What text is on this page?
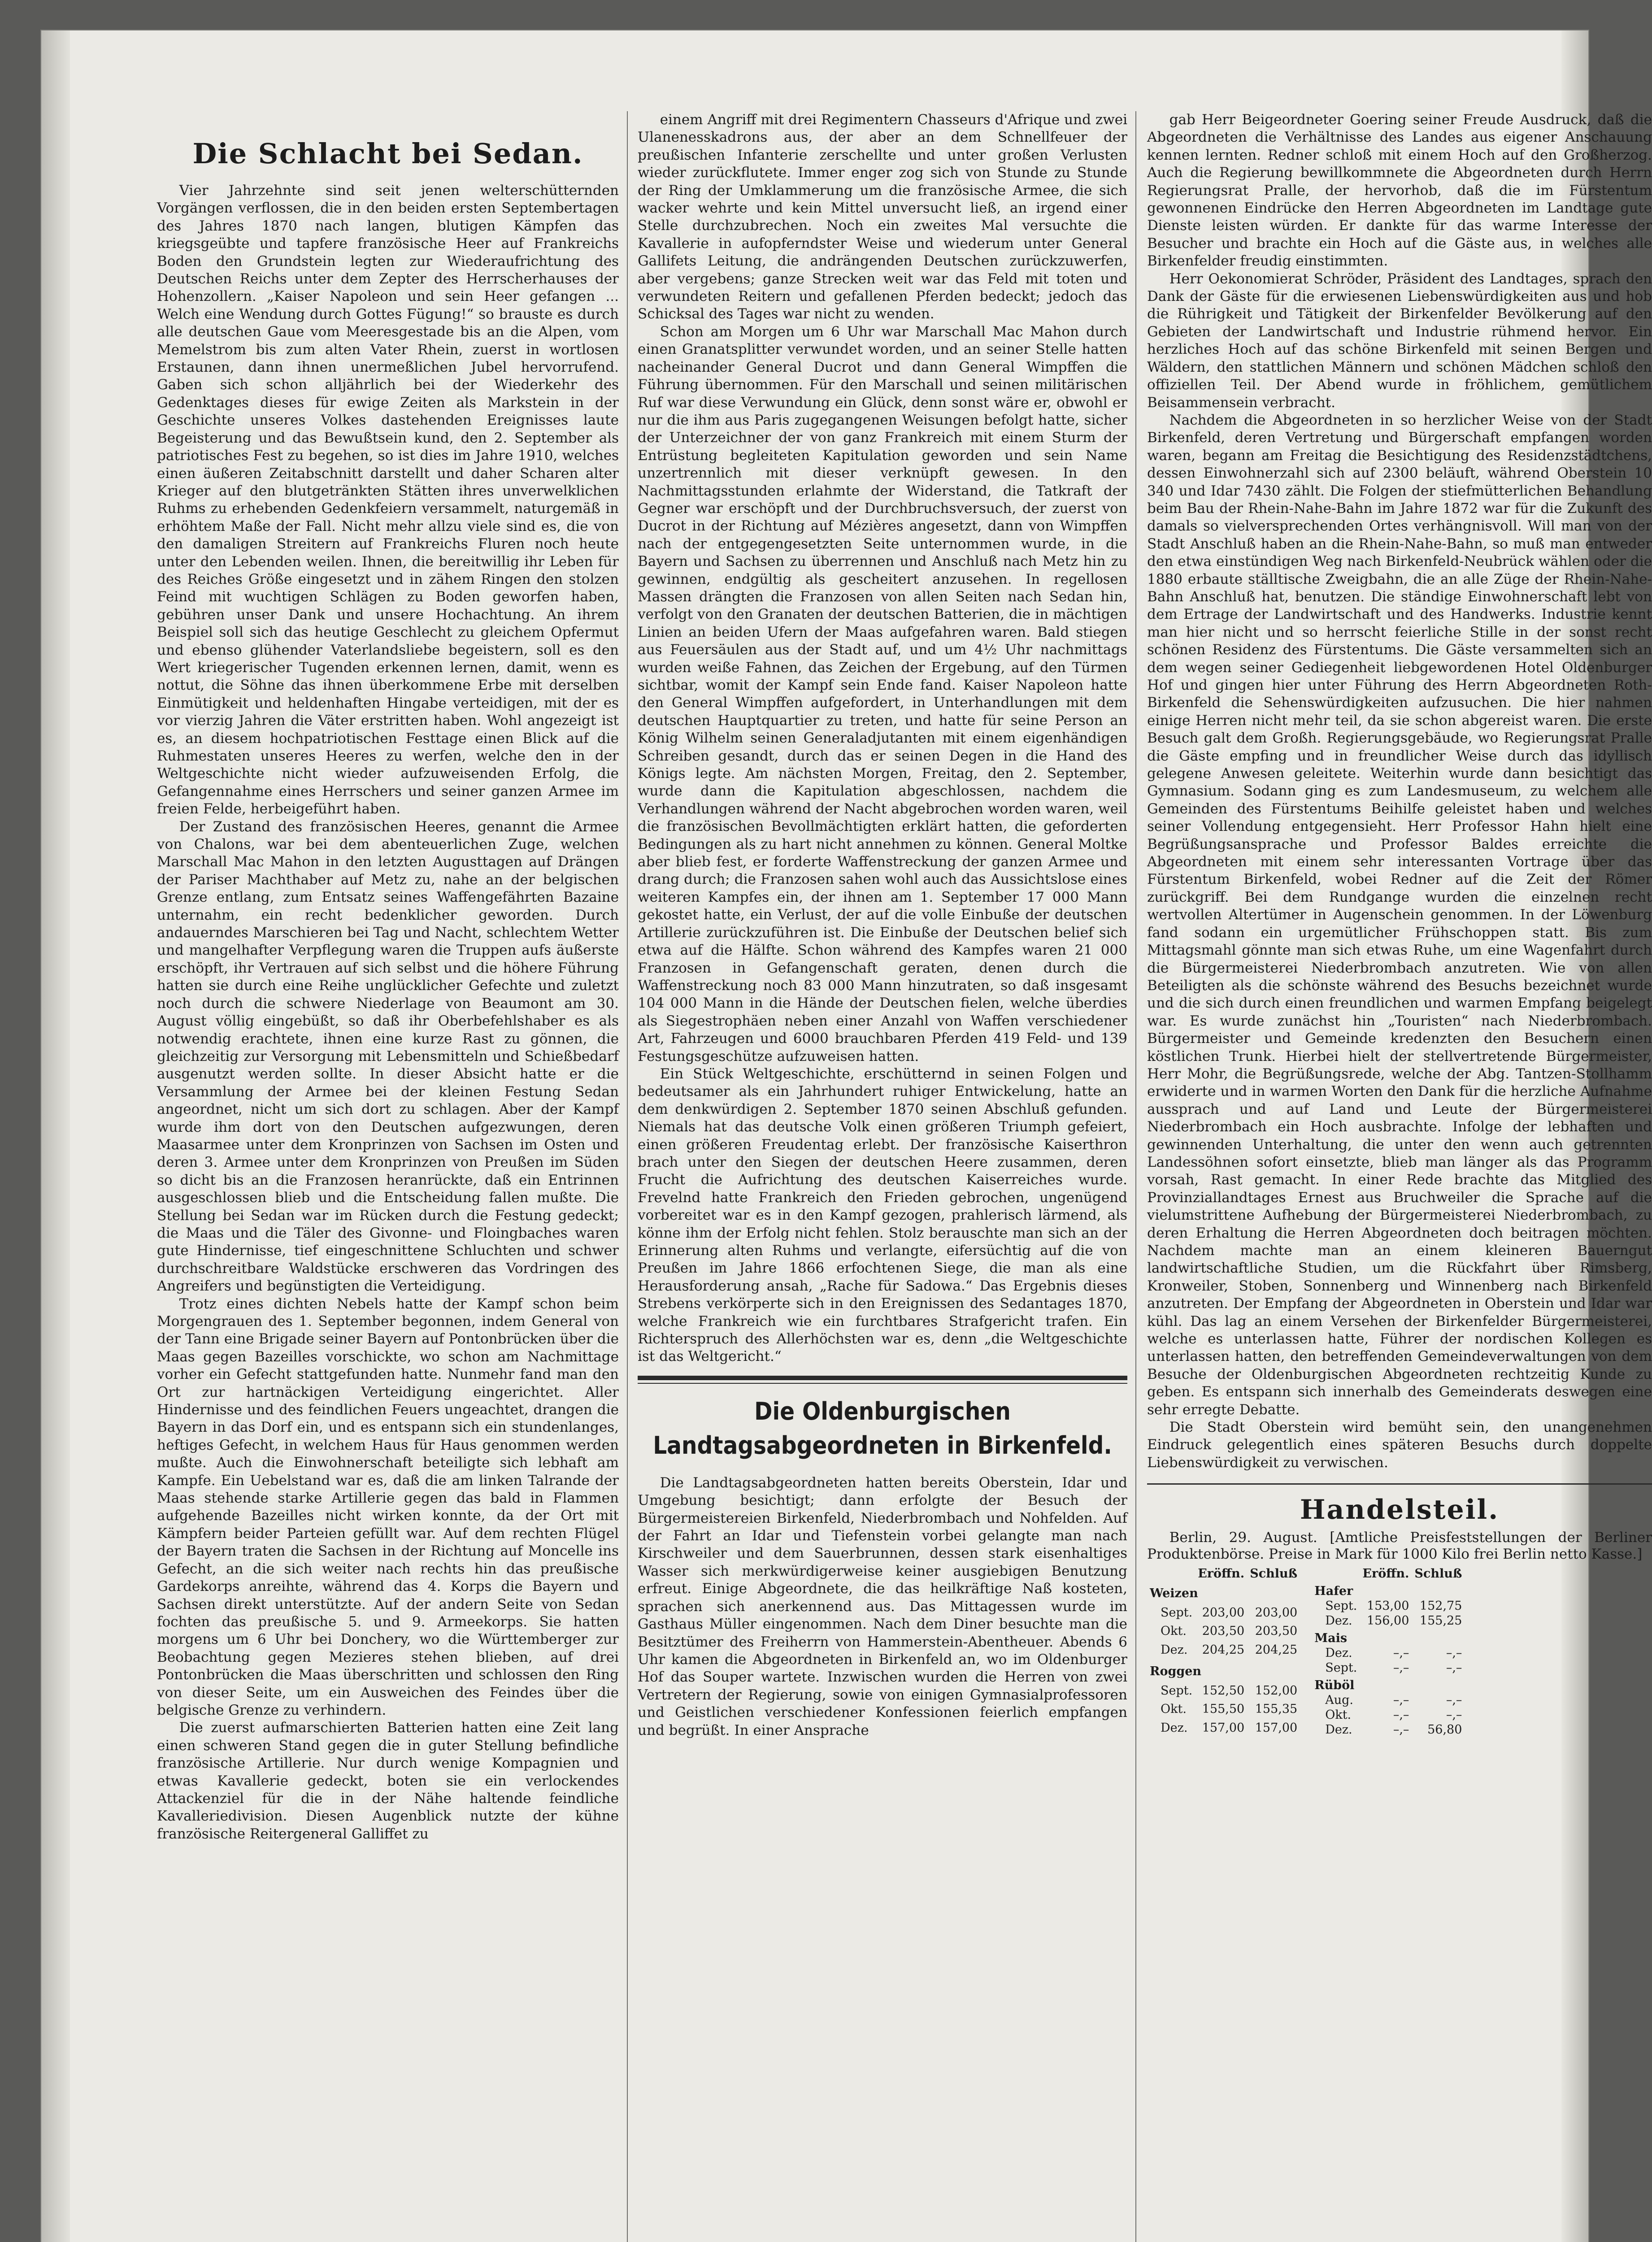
Die Schlacht bei Sedan.

Vier Jahrzehnte sind seit jenen welterschütternden Vorgängen verflossen, die in den beiden ersten Septembertagen des Jahres 1870 nach langen, blutigen Kämpfen das kriegsgeübte und tapfere französische Heer auf Frankreichs Boden den Grundstein legten zur Wiederaufrichtung des Deutschen Reichs unter dem Zepter des Herrscherhauses der Hohenzollern. „Kaiser Napoleon und sein Heer gefangen ... Welch eine Wendung durch Gottes Fügung!“ so brauste es durch alle deutschen Gaue vom Meeresgestade bis an die Alpen, vom Memelstrom bis zum alten Vater Rhein, zuerst in wortlosen Erstaunen, dann ihnen unermeßlichen Jubel hervorrufend. Gaben sich schon alljährlich bei der Wiederkehr des Gedenktages dieses für ewige Zeiten als Markstein in der Geschichte unseres Volkes dastehenden Ereignisses laute Begeisterung und das Bewußtsein kund, den 2. September als patriotisches Fest zu begehen, so ist dies im Jahre 1910, welches einen äußeren Zeitabschnitt darstellt und daher Scharen alter Krieger auf den blutgetränkten Stätten ihres unverwelklichen Ruhms zu erhebenden Gedenkfeiern versammelt, naturgemäß in erhöhtem Maße der Fall. Nicht mehr allzu viele sind es, die von den damaligen Streitern auf Frankreichs Fluren noch heute unter den Lebenden weilen. Ihnen, die bereitwillig ihr Leben für des Reiches Größe eingesetzt und in zähem Ringen den stolzen Feind mit wuchtigen Schlägen zu Boden geworfen haben, gebühren unser Dank und unsere Hochachtung. An ihrem Beispiel soll sich das heutige Geschlecht zu gleichem Opfermut und ebenso glühender Vaterlandsliebe begeistern, soll es den Wert kriegerischer Tugenden erkennen lernen, damit, wenn es nottut, die Söhne das ihnen überkommene Erbe mit derselben Einmütigkeit und heldenhaften Hingabe verteidigen, mit der es vor vierzig Jahren die Väter erstritten haben. Wohl angezeigt ist es, an diesem hochpatriotischen Festtage einen Blick auf die Ruhmestaten unseres Heeres zu werfen, welche den in der Weltgeschichte nicht wieder aufzuweisenden Erfolg, die Gefangennahme eines Herrschers und seiner ganzen Armee im freien Felde, herbeigeführt haben.

Der Zustand des französischen Heeres, genannt die Armee von Chalons, war bei dem abenteuerlichen Zuge, welchen Marschall Mac Mahon in den letzten Augusttagen auf Drängen der Pariser Machthaber auf Metz zu, nahe an der belgischen Grenze entlang, zum Entsatz seines Waffengefährten Bazaine unternahm, ein recht bedenklicher geworden. Durch andauerndes Marschieren bei Tag und Nacht, schlechtem Wetter und mangelhafter Verpflegung waren die Truppen aufs äußerste erschöpft, ihr Vertrauen auf sich selbst und die höhere Führung hatten sie durch eine Reihe unglücklicher Gefechte und zuletzt noch durch die schwere Niederlage von Beaumont am 30. August völlig eingebüßt, so daß ihr Oberbefehlshaber es als notwendig erachtete, ihnen eine kurze Rast zu gönnen, die gleichzeitig zur Versorgung mit Lebensmitteln und Schießbedarf ausgenutzt werden sollte. In dieser Absicht hatte er die Versammlung der Armee bei der kleinen Festung Sedan angeordnet, nicht um sich dort zu schlagen. Aber der Kampf wurde ihm dort von den Deutschen aufgezwungen, deren Maasarmee unter dem Kronprinzen von Sachsen im Osten und deren 3. Armee unter dem Kronprinzen von Preußen im Süden so dicht bis an die Franzosen heranrückte, daß ein Entrinnen ausgeschlossen blieb und die Entscheidung fallen mußte. Die Stellung bei Sedan war im Rücken durch die Festung gedeckt; die Maas und die Täler des Givonne- und Floingbaches waren gute Hindernisse, tief eingeschnittene Schluchten und schwer durchschreitbare Waldstücke erschweren das Vordringen des Angreifers und begünstigten die Verteidigung.

Trotz eines dichten Nebels hatte der Kampf schon beim Morgengrauen des 1. September begonnen, indem General von der Tann eine Brigade seiner Bayern auf Pontonbrücken über die Maas gegen Bazeilles vorschickte, wo schon am Nachmittage vorher ein Gefecht stattgefunden hatte. Nunmehr fand man den Ort zur hartnäckigen Verteidigung eingerichtet. Aller Hindernisse und des feindlichen Feuers ungeachtet, drangen die Bayern in das Dorf ein, und es entspann sich ein stundenlanges, heftiges Gefecht, in welchem Haus für Haus genommen werden mußte. Auch die Einwohnerschaft beteiligte sich lebhaft am Kampfe. Ein Uebelstand war es, daß die am linken Talrande der Maas stehende starke Artillerie gegen das bald in Flammen aufgehende Bazeilles nicht wirken konnte, da der Ort mit Kämpfern beider Parteien gefüllt war. Auf dem rechten Flügel der Bayern traten die Sachsen in der Richtung auf Moncelle ins Gefecht, an die sich weiter nach rechts hin das preußische Gardekorps anreihte, während das 4. Korps die Bayern und Sachsen direkt unterstützte. Auf der andern Seite von Sedan fochten das preußische 5. und 9. Armeekorps. Sie hatten morgens um 6 Uhr bei Donchery, wo die Württemberger zur Beobachtung gegen Mezieres stehen blieben, auf drei Pontonbrücken die Maas überschritten und schlossen den Ring von dieser Seite, um ein Ausweichen des Feindes über die belgische Grenze zu verhindern.

Die zuerst aufmarschierten Batterien hatten eine Zeit lang einen schweren Stand gegen die in guter Stellung befindliche französische Artillerie. Nur durch wenige Kompagnien und etwas Kavallerie gedeckt, boten sie ein verlockendes Attackenziel für die in der Nähe haltende feindliche Kavalleriedivision. Diesen Augenblick nutzte der kühne französische Reitergeneral Galliffet zu

einem Angriff mit drei Regimentern Chasseurs d'Afrique und zwei Ulanenesskadrons aus, der aber an dem Schnellfeuer der preußischen Infanterie zerschellte und unter großen Verlusten wieder zurückflutete. Immer enger zog sich von Stunde zu Stunde der Ring der Umklammerung um die französische Armee, die sich wacker wehrte und kein Mittel unversucht ließ, an irgend einer Stelle durchzubrechen. Noch ein zweites Mal versuchte die Kavallerie in aufopferndster Weise und wiederum unter General Gallifets Leitung, die andrängenden Deutschen zurückzuwerfen, aber vergebens; ganze Strecken weit war das Feld mit toten und verwundeten Reitern und gefallenen Pferden bedeckt; jedoch das Schicksal des Tages war nicht zu wenden.

Schon am Morgen um 6 Uhr war Marschall Mac Mahon durch einen Granatsplitter verwundet worden, und an seiner Stelle hatten nacheinander General Ducrot und dann General Wimpffen die Führung übernommen. Für den Marschall und seinen militärischen Ruf war diese Verwundung ein Glück, denn sonst wäre er, obwohl er nur die ihm aus Paris zugegangenen Weisungen befolgt hatte, sicher der Unterzeichner der von ganz Frankreich mit einem Sturm der Entrüstung begleiteten Kapitulation geworden und sein Name unzertrennlich mit dieser verknüpft gewesen. In den Nachmittagsstunden erlahmte der Widerstand, die Tatkraft der Gegner war erschöpft und der Durchbruchsversuch, der zuerst von Ducrot in der Richtung auf Mézières angesetzt, dann von Wimpffen nach der entgegengesetzten Seite unternommen wurde, in die Bayern und Sachsen zu überrennen und Anschluß nach Metz hin zu gewinnen, endgültig als gescheitert anzusehen. In regellosen Massen drängten die Franzosen von allen Seiten nach Sedan hin, verfolgt von den Granaten der deutschen Batterien, die in mächtigen Linien an beiden Ufern der Maas aufgefahren waren. Bald stiegen aus Feuersäulen aus der Stadt auf, und um 4½ Uhr nachmittags wurden weiße Fahnen, das Zeichen der Ergebung, auf den Türmen sichtbar, womit der Kampf sein Ende fand. Kaiser Napoleon hatte den General Wimpffen aufgefordert, in Unterhandlungen mit dem deutschen Hauptquartier zu treten, und hatte für seine Person an König Wilhelm seinen Generaladjutanten mit einem eigenhändigen Schreiben gesandt, durch das er seinen Degen in die Hand des Königs legte. Am nächsten Morgen, Freitag, den 2. September, wurde dann die Kapitulation abgeschlossen, nachdem die Verhandlungen während der Nacht abgebrochen worden waren, weil die französischen Bevollmächtigten erklärt hatten, die geforderten Bedingungen als zu hart nicht annehmen zu können. General Moltke aber blieb fest, er forderte Waffenstreckung der ganzen Armee und drang durch; die Franzosen sahen wohl auch das Aussichtslose eines weiteren Kampfes ein, der ihnen am 1. September 17 000 Mann gekostet hatte, ein Verlust, der auf die volle Einbuße der deutschen Artillerie zurückzuführen ist. Die Einbuße der Deutschen belief sich etwa auf die Hälfte. Schon während des Kampfes waren 21 000 Franzosen in Gefangenschaft geraten, denen durch die Waffenstreckung noch 83 000 Mann hinzutraten, so daß insgesamt 104 000 Mann in die Hände der Deutschen fielen, welche überdies als Siegestrophäen neben einer Anzahl von Waffen verschiedener Art, Fahrzeugen und 6000 brauchbaren Pferden 419 Feld- und 139 Festungsgeschütze aufzuweisen hatten.

Ein Stück Weltgeschichte, erschütternd in seinen Folgen und bedeutsamer als ein Jahrhundert ruhiger Entwickelung, hatte an dem denkwürdigen 2. September 1870 seinen Abschluß gefunden. Niemals hat das deutsche Volk einen größeren Triumph gefeiert, einen größeren Freudentag erlebt. Der französische Kaiserthron brach unter den Siegen der deutschen Heere zusammen, deren Frucht die Aufrichtung des deutschen Kaiserreiches wurde. Frevelnd hatte Frankreich den Frieden gebrochen, ungenügend vorbereitet war es in den Kampf gezogen, prahlerisch lärmend, als könne ihm der Erfolg nicht fehlen. Stolz berauschte man sich an der Erinnerung alten Ruhms und verlangte, eifersüchtig auf die von Preußen im Jahre 1866 erfochtenen Siege, die man als eine Herausforderung ansah, „Rache für Sadowa.“ Das Ergebnis dieses Strebens verkörperte sich in den Ereignissen des Sedantages 1870, welche Frankreich wie ein furchtbares Strafgericht trafen. Ein Richterspruch des Allerhöchsten war es, denn „die Weltgeschichte ist das Weltgericht.“

Die Oldenburgischen Landtagsabgeordneten in Birkenfeld.

Die Landtagsabgeordneten hatten bereits Oberstein, Idar und Umgebung besichtigt; dann erfolgte der Besuch der Bürgermeistereien Birkenfeld, Niederbrombach und Nohfelden. Auf der Fahrt an Idar und Tiefenstein vorbei gelangte man nach Kirschweiler und dem Sauerbrunnen, dessen stark eisenhaltiges Wasser sich merkwürdigerweise keiner ausgiebigen Benutzung erfreut. Einige Abgeordnete, die das heilkräftige Naß kosteten, sprachen sich anerkennend aus. Das Mittagessen wurde im Gasthaus Müller eingenommen. Nach dem Diner besuchte man die Besitztümer des Freiherrn von Hammerstein-Abentheuer. Abends 6 Uhr kamen die Abgeordneten in Birkenfeld an, wo im Oldenburger Hof das Souper wartete. Inzwischen wurden die Herren von zwei Vertretern der Regierung, sowie von einigen Gymnasialprofessoren und Geistlichen verschiedener Konfessionen feierlich empfangen und begrüßt. In einer Ansprache

gab Herr Beigeordneter Goering seiner Freude Ausdruck, daß die Abgeordneten die Verhältnisse des Landes aus eigener Anschauung kennen lernten. Redner schloß mit einem Hoch auf den Großherzog. Auch die Regierung bewillkommnete die Abgeordneten durch Herrn Regierungsrat Pralle, der hervorhob, daß die im Fürstentum gewonnenen Eindrücke den Herren Abgeordneten im Landtage gute Dienste leisten würden. Er dankte für das warme Interesse der Besucher und brachte ein Hoch auf die Gäste aus, in welches alle Birkenfelder freudig einstimmten.

Herr Oekonomierat Schröder, Präsident des Landtages, sprach den Dank der Gäste für die erwiesenen Liebenswürdigkeiten aus und hob die Rührigkeit und Tätigkeit der Birkenfelder Bevölkerung auf den Gebieten der Landwirtschaft und Industrie rühmend hervor. Ein herzliches Hoch auf das schöne Birkenfeld mit seinen Bergen und Wäldern, den stattlichen Männern und schönen Mädchen schloß den offiziellen Teil. Der Abend wurde in fröhlichem, gemütlichem Beisammensein verbracht.

Nachdem die Abgeordneten in so herzlicher Weise von der Stadt Birkenfeld, deren Vertretung und Bürgerschaft empfangen worden waren, begann am Freitag die Besichtigung des Residenzstädtchens, dessen Einwohnerzahl sich auf 2300 beläuft, während Oberstein 10 340 und Idar 7430 zählt. Die Folgen der stiefmütterlichen Behandlung beim Bau der Rhein-Nahe-Bahn im Jahre 1872 war für die Zukunft des damals so vielversprechenden Ortes verhängnisvoll. Will man von der Stadt Anschluß haben an die Rhein-Nahe-Bahn, so muß man entweder den etwa einstündigen Weg nach Birkenfeld-Neubrück wählen oder die 1880 erbaute ställtische Zweigbahn, die an alle Züge der Rhein-Nahe-Bahn Anschluß hat, benutzen. Die ständige Einwohnerschaft lebt von dem Ertrage der Landwirtschaft und des Handwerks. Industrie kennt man hier nicht und so herrscht feierliche Stille in der sonst recht schönen Residenz des Fürstentums. Die Gäste versammelten sich an dem wegen seiner Gediegenheit liebgewordenen Hotel Oldenburger Hof und gingen hier unter Führung des Herrn Abgeordneten Roth-Birkenfeld die Sehenswürdigkeiten aufzusuchen. Die hier nahmen einige Herren nicht mehr teil, da sie schon abgereist waren. Die erste Besuch galt dem Großh. Regierungsgebäude, wo Regierungsrat Pralle die Gäste empfing und in freundlicher Weise durch das idyllisch gelegene Anwesen geleitete. Weiterhin wurde dann besichtigt das Gymnasium. Sodann ging es zum Landesmuseum, zu welchem alle Gemeinden des Fürstentums Beihilfe geleistet haben und welches seiner Vollendung entgegensieht. Herr Professor Hahn hielt eine Begrüßungsansprache und Professor Baldes erreichte die Abgeordneten mit einem sehr interessanten Vortrage über das Fürstentum Birkenfeld, wobei Redner auf die Zeit der Römer zurückgriff. Bei dem Rundgange wurden die einzelnen recht wertvollen Altertümer in Augenschein genommen. In der Löwenburg fand sodann ein urgemütlicher Frühschoppen statt. Bis zum Mittagsmahl gönnte man sich etwas Ruhe, um eine Wagenfahrt durch die Bürgermeisterei Niederbrombach anzutreten. Wie von allen Beteiligten als die schönste während des Besuchs bezeichnet wurde und die sich durch einen freundlichen und warmen Empfang beigelegt war. Es wurde zunächst hin „Touristen“ nach Niederbrombach. Bürgermeister und Gemeinde kredenzten den Besuchern einen köstlichen Trunk. Hierbei hielt der stellvertretende Bürgermeister, Herr Mohr, die Begrüßungsrede, welche der Abg. Tantzen-Stollhamm erwiderte und in warmen Worten den Dank für die herzliche Aufnahme aussprach und auf Land und Leute der Bürgermeisterei Niederbrombach ein Hoch ausbrachte. Infolge der lebhaften und gewinnenden Unterhaltung, die unter den wenn auch getrennten Landessöhnen sofort einsetzte, blieb man länger als das Programm vorsah, Rast gemacht. In einer Rede brachte das Mitglied des Provinziallandtages Ernest aus Bruchweiler die Sprache auf die vielumstrittene Aufhebung der Bürgermeisterei Niederbrombach, zu deren Erhaltung die Herren Abgeordneten doch beitragen möchten. Nachdem machte man an einem kleineren Bauerngut landwirtschaftliche Studien, um die Rückfahrt über Rimsberg, Kronweiler, Stoben, Sonnenberg und Winnenberg nach Birkenfeld anzutreten. Der Empfang der Abgeordneten in Oberstein und Idar war kühl. Das lag an einem Versehen der Birkenfelder Bürgermeisterei, welche es unterlassen hatte, Führer der nordischen Kollegen es unterlassen hatten, den betreffenden Gemeindeverwaltungen von dem Besuche der Oldenburgischen Abgeordneten rechtzeitig Kunde zu geben. Es entspann sich innerhalb des Gemeinderats deswegen eine sehr erregte Debatte.

Die Stadt Oberstein wird bemüht sein, den unangenehmen Eindruck gelegentlich eines späteren Besuchs durch doppelte Liebenswürdigkeit zu verwischen.

Handelsteil.

Berlin, 29. August. [Amtliche Preisfeststellungen der Berliner Produktenbörse. Preise in Mark für 1000 Kilo frei Berlin netto Kasse.]

	Eröffn.	Schluß
Weizen		
Sept.	203,00	203,00
Okt.	203,50	203,50
Dez.	204,25	204,25
Roggen		
Sept.	152,50	152,00
Okt.	155,50	155,35
Dez.	157,00	157,00
	Eröffn.	Schluß
Hafer		
Sept.	153,00	152,75
Dez.	156,00	155,25
Mais		
Dez.	–,–	–,–
Sept.	–,–	–,–
Rüböl		
Aug.	–,–	–,–
Okt.	–,–	–,–
Dez.	–,–	56,80
